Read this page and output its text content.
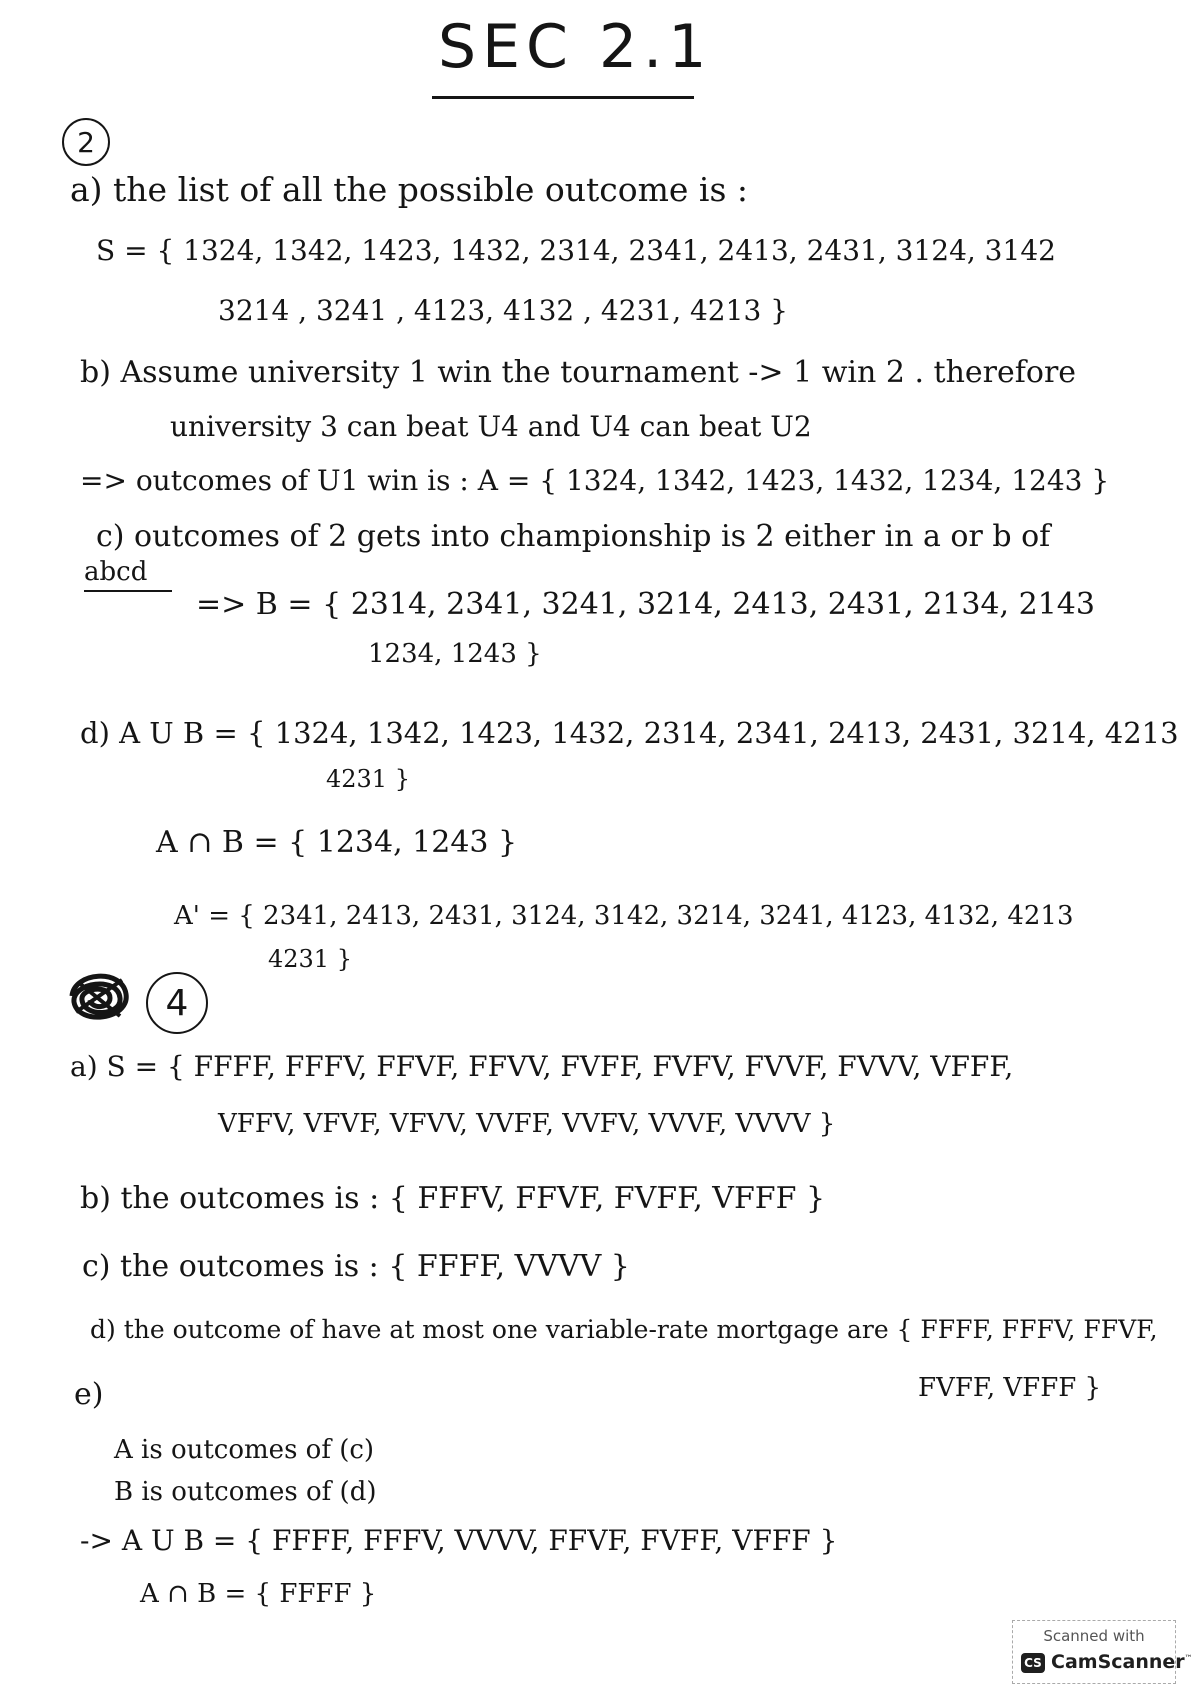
SEC 2.1
2
a) the list of all the possible outcome is :
S = { 1324, 1342, 1423, 1432, 2314, 2341, 2413, 2431, 3124, 3142
3214 , 3241 , 4123, 4132 , 4231, 4213 }
b) Assume university 1 win the tournament -> 1 win 2 . therefore
university 3 can beat U4 and U4 can beat U2
=> outcomes of U1 win is : A = { 1324, 1342, 1423, 1432, 1234, 1243 }
c) outcomes of 2 gets into championship is 2 either in a or b of
abcd
=> B = { 2314, 2341, 3241, 3214, 2413, 2431, 2134, 2143
1234, 1243 }
d) A U B = { 1324, 1342, 1423, 1432, 2314, 2341, 2413, 2431, 3214, 4213
4231 }
A ∩ B = { 1234, 1243 }
A' = { 2341, 2413, 2431, 3124, 3142, 3214, 3241, 4123, 4132, 4213
4231 }
4
a) S = { FFFF, FFFV, FFVF, FFVV, FVFF, FVFV, FVVF, FVVV, VFFF,
VFFV, VFVF, VFVV, VVFF, VVFV, VVVF, VVVV }
b) the outcomes is : { FFFV, FFVF, FVFF, VFFF }
c) the outcomes is : { FFFF, VVVV }
d) the outcome of have at most one variable-rate mortgage are { FFFF, FFFV, FFVF,
FVFF, VFFF }
e)
A is outcomes of (c)
B is outcomes of (d)
-> A U B = { FFFF, FFFV, VVVV, FFVF, FVFF, VFFF }
A ∩ B = { FFFF }
Scanned with
CS CamScanner™
